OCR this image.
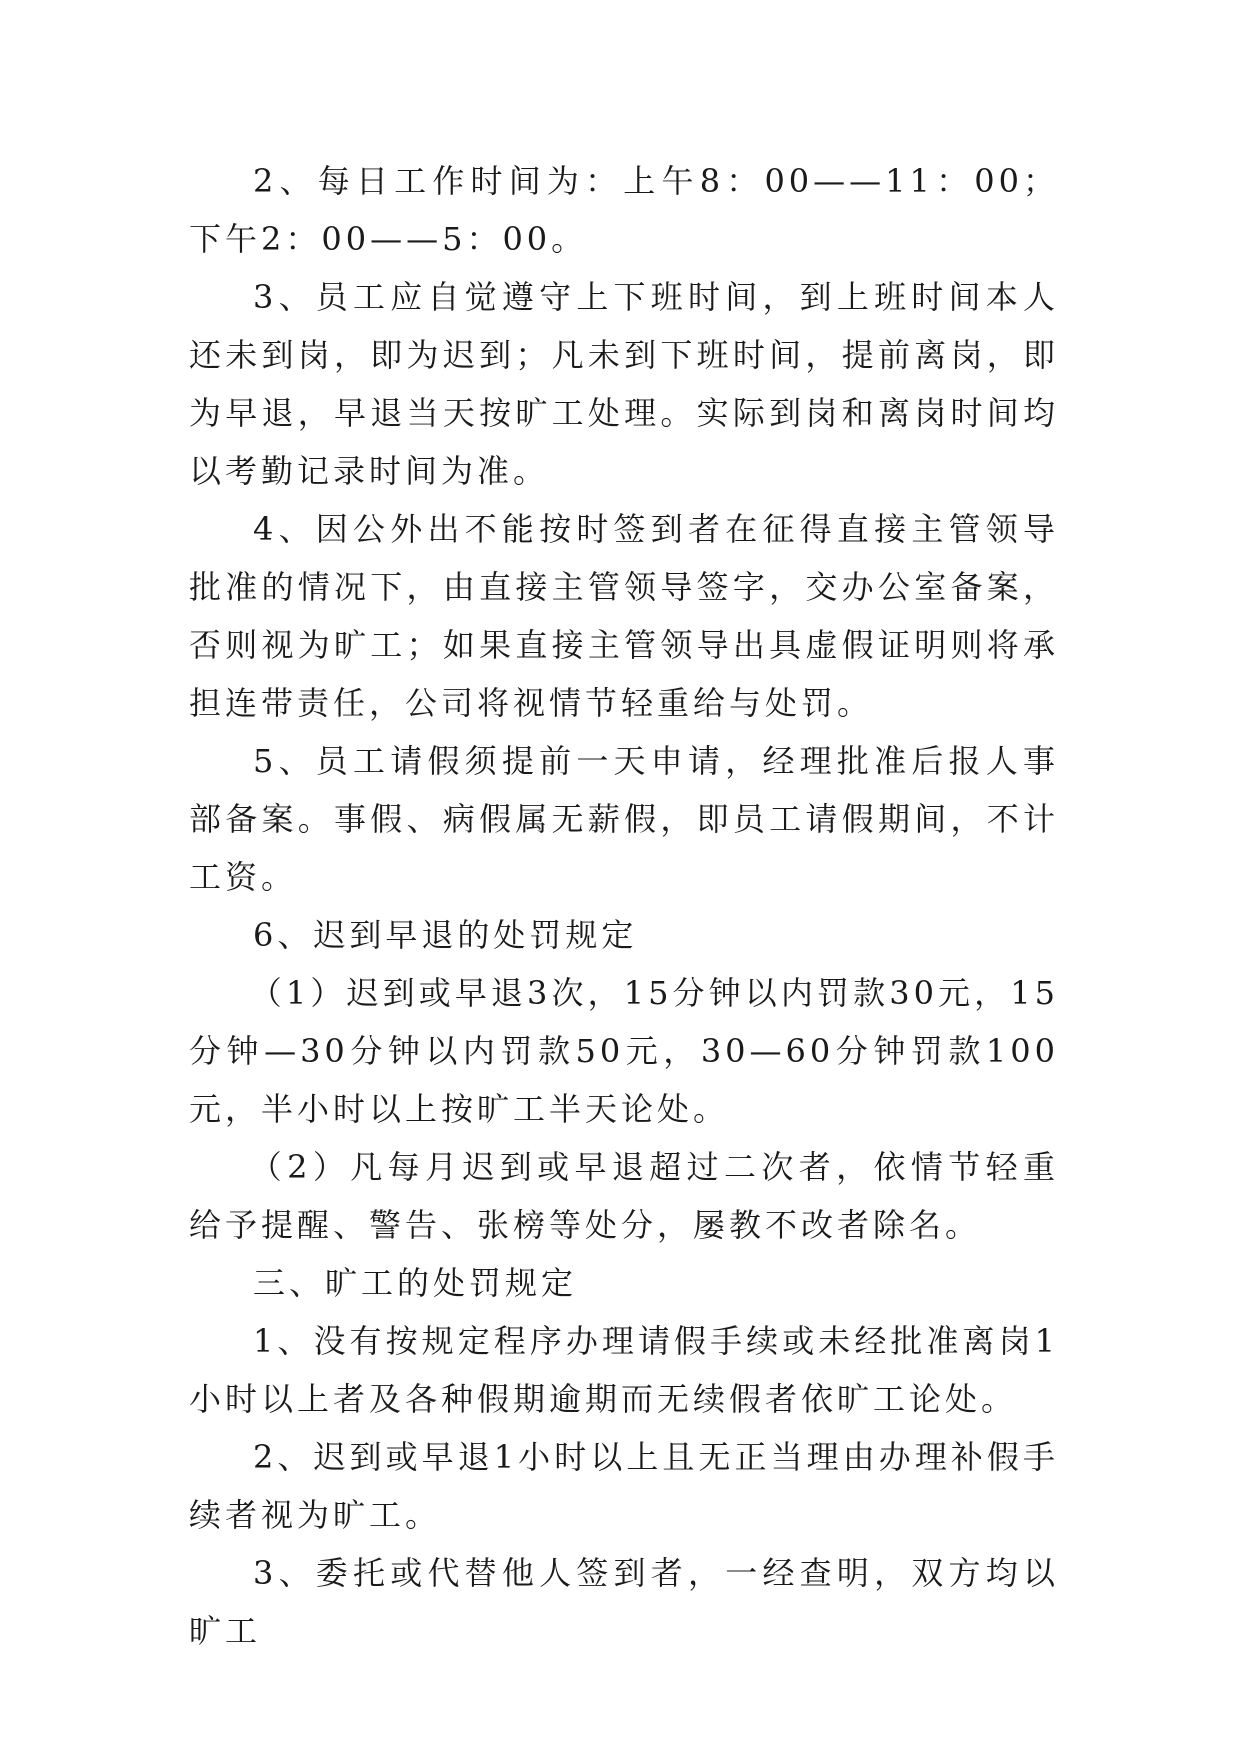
2、每日工作时间为：上午8：00——11：00；下午2：00——5：00。

3、员工应自觉遵守上下班时间，到上班时间本人还未到岗，即为迟到；凡未到下班时间，提前离岗，即为早退，早退当天按旷工处理。实际到岗和离岗时间均以考勤记录时间为准。

4、因公外出不能按时签到者在征得直接主管领导批准的情况下，由直接主管领导签字，交办公室备案，否则视为旷工；如果直接主管领导出具虚假证明则将承担连带责任，公司将视情节轻重给与处罚。

5、员工请假须提前一天申请，经理批准后报人事部备案。事假、病假属无薪假，即员工请假期间，不计工资。

6、迟到早退的处罚规定

（1）迟到或早退3次，15分钟以内罚款30元，15分钟—30分钟以内罚款50元，30—60分钟罚款100元，半小时以上按旷工半天论处。

（2）凡每月迟到或早退超过二次者，依情节轻重给予提醒、警告、张榜等处分，屡教不改者除名。

三、旷工的处罚规定

1、没有按规定程序办理请假手续或未经批准离岗1小时以上者及各种假期逾期而无续假者依旷工论处。

2、迟到或早退1小时以上且无正当理由办理补假手续者视为旷工。

3、委托或代替他人签到者，一经查明，双方均以旷工
